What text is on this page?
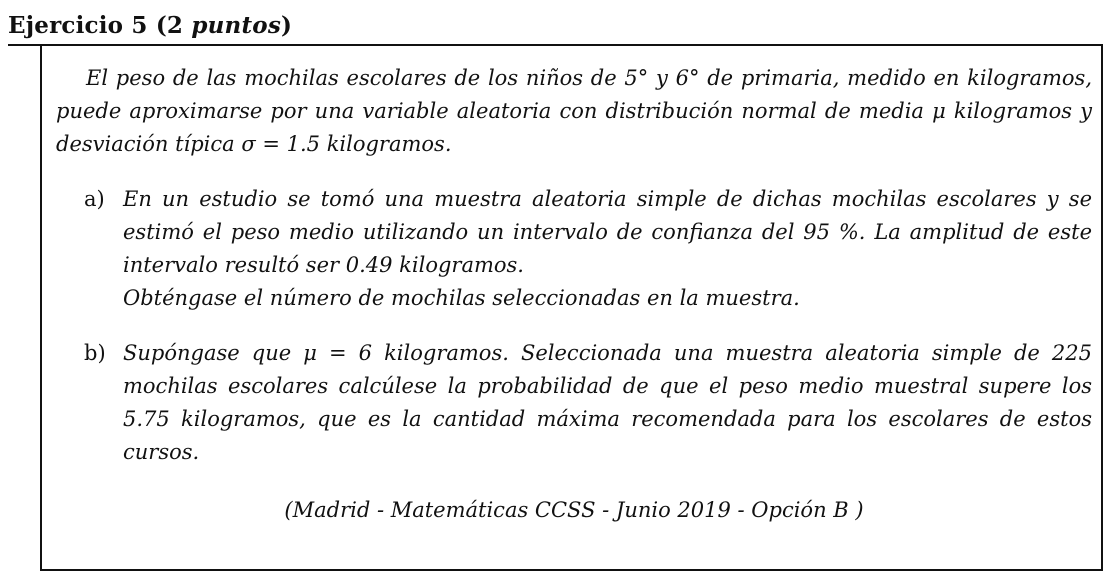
Ejercicio 5 (2 puntos)

El peso de las mochilas escolares de los niños de 5° y 6° de primaria, medido en kilogramos, puede aproximarse por una variable aleatoria con distribución normal de media μ kilogramos y desviación típica σ = 1.5 kilogramos.

a) En un estudio se tomó una muestra aleatoria simple de dichas mochilas escolares y se estimó el peso medio utilizando un intervalo de confianza del 95 %. La amplitud de este intervalo resultó ser 0.49 kilogramos.
Obténgase el número de mochilas seleccionadas en la muestra.
b) Supóngase que μ = 6 kilogramos. Seleccionada una muestra aleatoria simple de 225 mochilas escolares calcúlese la probabilidad de que el peso medio muestral supere los 5.75 kilogramos, que es la cantidad máxima recomendada para los escolares de estos cursos.
(Madrid - Matemáticas CCSS - Junio 2019 - Opción B )
